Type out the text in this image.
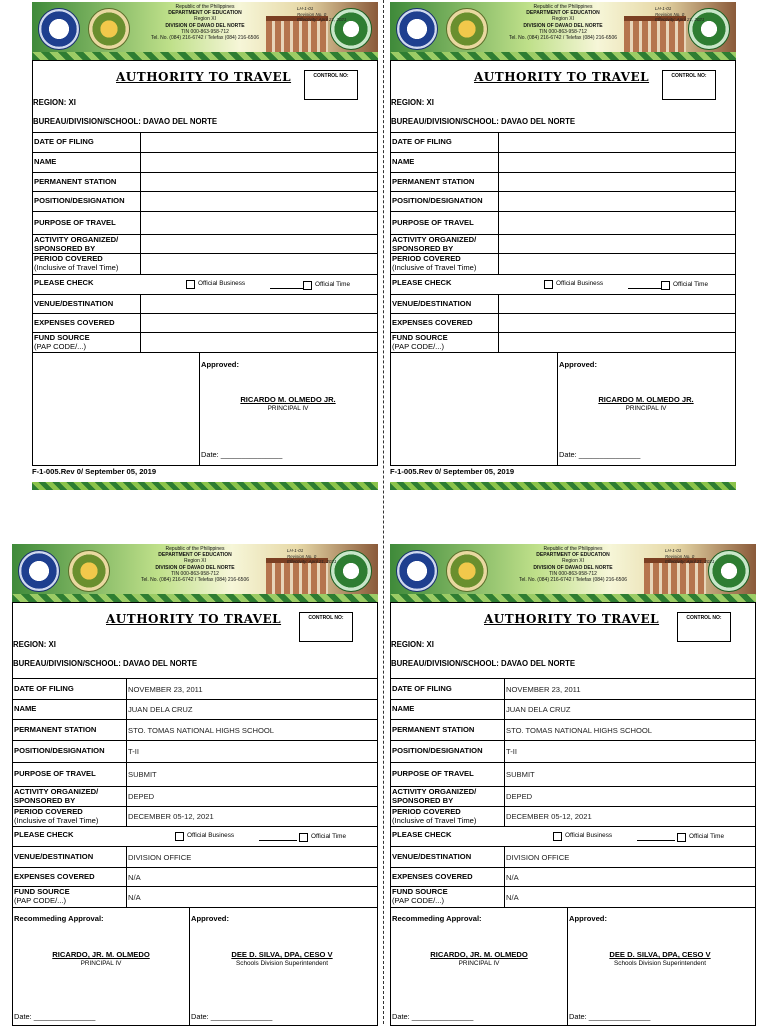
Republic of the Philippines
DEPARTMENT OF EDUCATION
Region XI
DIVISION OF DAVAO DEL NORTE
TIN 000-863-958-712
Tel. No. (084) 216-6742 / Telefax (084) 216-6506
LH-1-01
Revision No. 0
Effectivity: April 21, 2021
AUTHORITY TO TRAVEL	CONTROL NO:
REGION: XI
BUREAU/DIVISION/SCHOOL: DAVAO DEL NORTE
DATE OF FILING
NAME
PERMANENT STATION
POSITION/DESIGNATION
PURPOSE OF TRAVEL
ACTIVITY ORGANIZED/
SPONSORED BY
PERIOD COVERED
(Inclusive of Travel Time)
PLEASE CHECK	Official Business	Official Time
VENUE/DESTINATION
EXPENSES COVERED
FUND SOURCE
(PAP CODE/...)
Approved:
RICARDO M. OLMEDO JR.
PRINCIPAL IV
Date: _______________
F-1-005.Rev 0/ September 05, 2019
Republic of the Philippines
DEPARTMENT OF EDUCATION
Region XI
DIVISION OF DAVAO DEL NORTE
TIN 000-863-958-712
Tel. No. (084) 216-6742 / Telefax (084) 216-6506
LH-1-01
Revision No. 0
Effectivity: April 21, 2021
AUTHORITY TO TRAVEL	CONTROL NO:
REGION: XI
BUREAU/DIVISION/SCHOOL: DAVAO DEL NORTE
DATE OF FILING
NAME
PERMANENT STATION
POSITION/DESIGNATION
PURPOSE OF TRAVEL
ACTIVITY ORGANIZED/
SPONSORED BY
PERIOD COVERED
(Inclusive of Travel Time)
PLEASE CHECK	Official Business	Official Time
VENUE/DESTINATION
EXPENSES COVERED
FUND SOURCE
(PAP CODE/...)
Approved:
RICARDO M. OLMEDO JR.
PRINCIPAL IV
Date: _______________
F-1-005.Rev 0/ September 05, 2019
Republic of the Philippines
DEPARTMENT OF EDUCATION
Region XI
DIVISION OF DAVAO DEL NORTE
TIN 000-863-958-712
Tel. No. (084) 216-6742 / Telefax (084) 216-6506
LH-1-01
Revision No. 0
Effectivity: April 21, 2021
AUTHORITY TO TRAVEL	CONTROL NO:
REGION: XI
BUREAU/DIVISION/SCHOOL: DAVAO DEL NORTE
DATE OF FILING	NOVEMBER 23, 2011
NAME	JUAN DELA CRUZ
PERMANENT STATION	STO. TOMAS NATIONAL HIGHS SCHOOL
POSITION/DESIGNATION	T-II
PURPOSE OF TRAVEL	SUBMIT
ACTIVITY ORGANIZED/
SPONSORED BY	DEPED
PERIOD COVERED
(Inclusive of Travel Time)	DECEMBER 05-12, 2021
PLEASE CHECK	Official Business	Official Time
VENUE/DESTINATION	DIVISION OFFICE
EXPENSES COVERED	N/A
FUND SOURCE
(PAP CODE/...)	N/A
Recommeding Approval:
RICARDO, JR. M. OLMEDO
PRINCIPAL IV
Date: _______________
Approved:
DEE D. SILVA, DPA, CESO V
Schools Division Superintendent
Date: _______________
Republic of the Philippines
DEPARTMENT OF EDUCATION
Region XI
DIVISION OF DAVAO DEL NORTE
TIN 000-863-958-712
Tel. No. (084) 216-6742 / Telefax (084) 216-6506
LH-1-01
Revision No. 0
Effectivity: April 21, 2021
AUTHORITY TO TRAVEL	CONTROL NO:
REGION: XI
BUREAU/DIVISION/SCHOOL: DAVAO DEL NORTE
DATE OF FILING	NOVEMBER 23, 2011
NAME	JUAN DELA CRUZ
PERMANENT STATION	STO. TOMAS NATIONAL HIGHS SCHOOL
POSITION/DESIGNATION	T-II
PURPOSE OF TRAVEL	SUBMIT
ACTIVITY ORGANIZED/
SPONSORED BY	DEPED
PERIOD COVERED
(Inclusive of Travel Time)	DECEMBER 05-12, 2021
PLEASE CHECK	Official Business	Official Time
VENUE/DESTINATION	DIVISION OFFICE
EXPENSES COVERED	N/A
FUND SOURCE
(PAP CODE/...)	N/A
Recommeding Approval:
RICARDO, JR. M. OLMEDO
PRINCIPAL IV
Date: _______________
Approved:
DEE D. SILVA, DPA, CESO V
Schools Division Superintendent
Date: _______________
